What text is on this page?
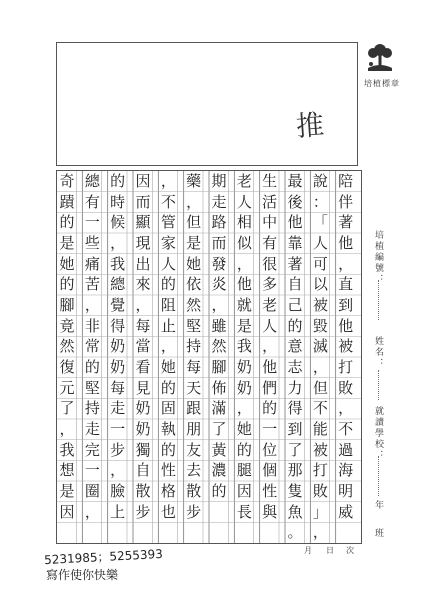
推
培植標章
陪
伴
著
他
，
直
到
他
被
打
敗
，
不
過
海
明
威
說
：
「
人
可
以
被
毀
滅
，
但
不
能
被
打
敗
」
，
最
後
他
靠
著
自
己
的
意
志
力
得
到
了
那
隻
魚
。
生
活
中
有
很
多
老
人
，
他
們
的
一
位
個
性
與
老
人
相
似
，
他
就
是
我
奶
奶
，
她
的
腿
因
長
期
走
路
而
發
炎
，
雖
然
腳
佈
滿
了
黃
濃
的
藥
，
但
是
她
依
然
堅
持
每
天
跟
朋
友
去
散
步
，
不
管
家
人
的
阻
止
，
她
的
固
執
的
性
格
也
因
而
顯
現
出
來
，
每
當
看
見
奶
奶
獨
自
散
步
的
時
候
，
我
總
覺
得
奶
奶
每
走
一
步
，
臉
上
總
有
一
些
痛
苦
，
非
常
的
堅
持
走
完
一
圈
，
奇
蹟
的
是
她
的
腳
竟
然
復
元
了
，
我
想
是
因
培植編號：
姓名：
就讀學校：
年
班
月 日 次
5231985；5255393
寫作使你快樂
